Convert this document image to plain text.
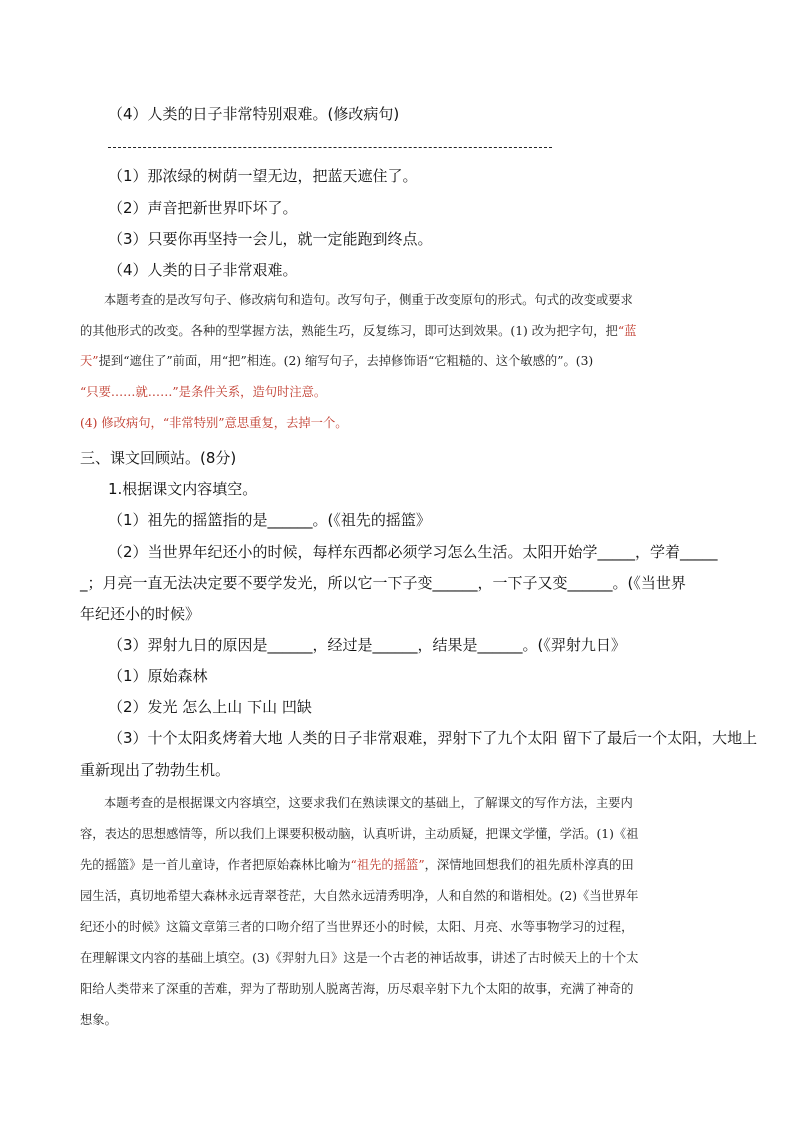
（4）人类的日子非常特别艰难。(修改病句)
（1）那浓绿的树荫一望无边，把蓝天遮住了。
（2）声音把新世界吓坏了。
（3）只要你再坚持一会儿，就一定能跑到终点。
（4）人类的日子非常艰难。
本题考查的是改写句子、修改病句和造句。改写句子，侧重于改变原句的形式。句式的改变或要求
的其他形式的改变。各种的型掌握方法，熟能生巧，反复练习，即可达到效果。(1) 改为把字句，把“蓝
天”提到“遮住了”前面，用“把”相连。(2) 缩写句子，去掉修饰语“它粗糙的、这个敏感的”。(3)
“只要……就……”是条件关系，造句时注意。
(4) 修改病句，“非常特别”意思重复，去掉一个。
三、课文回顾站。(8分)
1.根据课文内容填空。
（1）祖先的摇篮指的是______。(《祖先的摇篮》
（2）当世界年纪还小的时候，每样东西都必须学习怎么生活。太阳开始学_____，学着_____
_；月亮一直无法决定要不要学发光，所以它一下子变______，一下子又变______。(《当世界
年纪还小的时候》
（3）羿射九日的原因是______，经过是______，结果是______。(《羿射九日》
（1）原始森林
（2）发光 怎么上山 下山 凹缺
（3）十个太阳炙烤着大地 人类的日子非常艰难，羿射下了九个太阳 留下了最后一个太阳，大地上
重新现出了勃勃生机。
本题考查的是根据课文内容填空，这要求我们在熟读课文的基础上，了解课文的写作方法，主要内
容，表达的思想感情等，所以我们上课要积极动脑，认真听讲，主动质疑，把课文学懂，学活。(1)《祖
先的摇篮》是一首儿童诗，作者把原始森林比喻为“祖先的摇篮”，深情地回想我们的祖先质朴淳真的田
园生活，真切地希望大森林永远青翠苍茫，大自然永远清秀明净，人和自然的和谐相处。(2)《当世界年
纪还小的时候》这篇文章第三者的口吻介绍了当世界还小的时候，太阳、月亮、水等事物学习的过程，
在理解课文内容的基础上填空。(3)《羿射九日》这是一个古老的神话故事，讲述了古时候天上的十个太
阳给人类带来了深重的苦难，羿为了帮助别人脱离苦海，历尽艰辛射下九个太阳的故事，充满了神奇的
想象。
